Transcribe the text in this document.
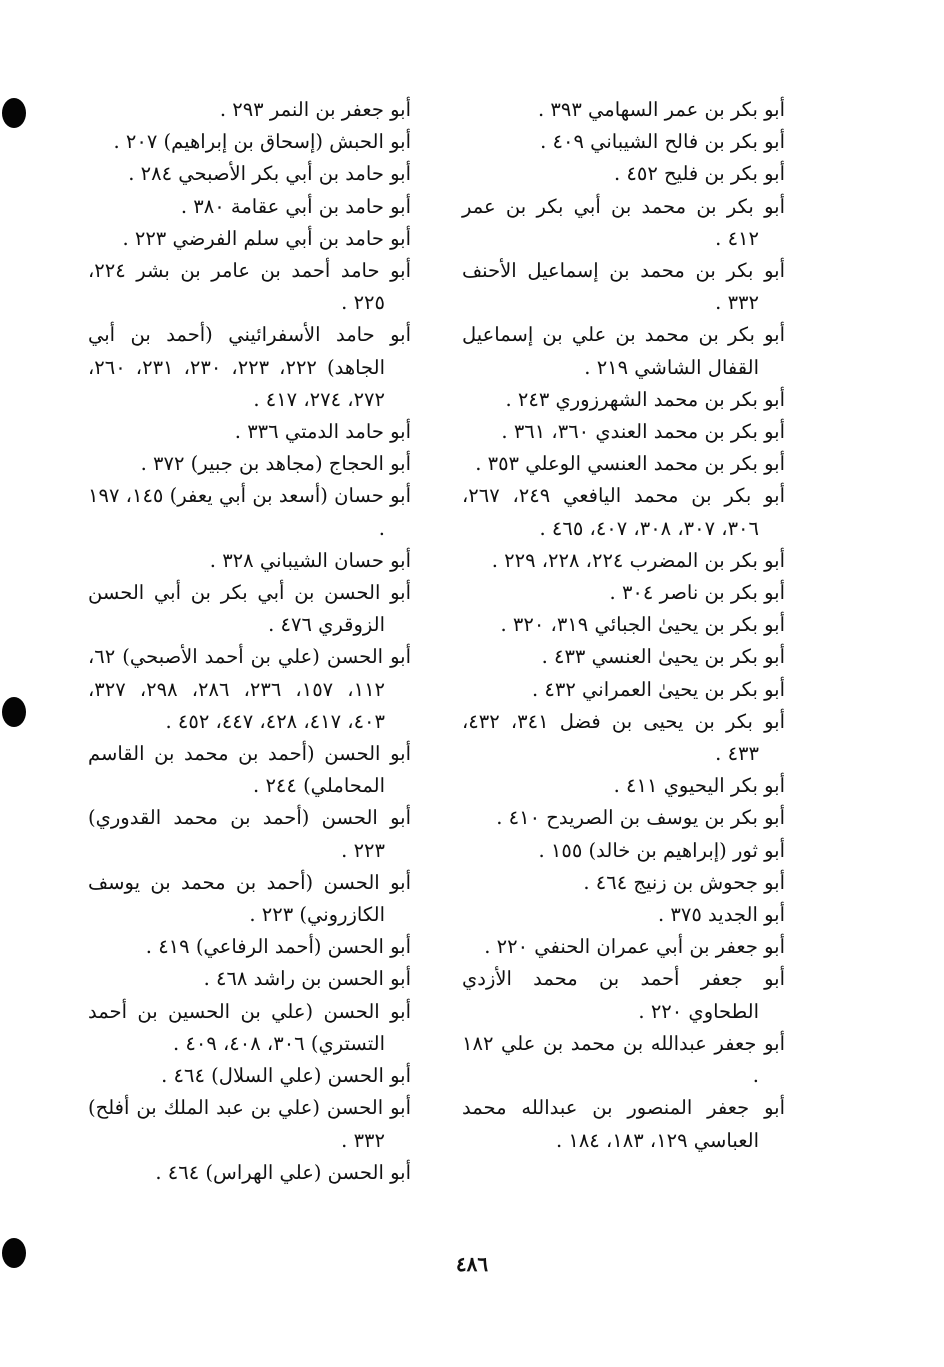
أبو بكر بن عمر السهامي ٣٩٣ .

أبو بكر بن فالح الشيباني ٤٠٩ .

أبو بكر بن فليح ٤٥٢ .

أبو بكر بن محمد بن أبي بكر بن عمر ٤١٢ .

أبو بكر بن محمد بن إسماعيل الأحنف ٣٣٢ .

أبو بكر بن محمد بن علي بن إسماعيل القفال الشاشي ٢١٩ .

أبو بكر بن محمد الشهرزوري ٢٤٣ .

أبو بكر بن محمد العندي ٣٦٠، ٣٦١ .

أبو بكر بن محمد العنسي الوعلي ٣٥٣ .

أبو بكر بن محمد اليافعي ٢٤٩، ٢٦٧، ٣٠٦، ٣٠٧، ٣٠٨، ٤٠٧، ٤٦٥ .

أبو بكر بن المضرب ٢٢٤، ٢٢٨، ٢٢٩ .

أبو بكر بن ناصر ٣٠٤ .

أبو بكر بن يحيىٰ الجبائي ٣١٩، ٣٢٠ .

أبو بكر بن يحيىٰ العنسي ٤٣٣ .

أبو بكر بن يحيىٰ العمراني ٤٣٢ .

أبو بكر بن يحيى بن فضل ٣٤١، ٤٣٢، ٤٣٣ .

أبو بكر اليحيوي ٤١١ .

أبو بكر بن يوسف بن الصريدح ٤١٠ .

أبو ثور (إبراهيم بن خالد) ١٥٥ .

أبو جحوش بن زنيج ٤٦٤ .

أبو الجديد ٣٧٥ .

أبو جعفر بن أبي عمران الحنفي ٢٢٠ .

أبو جعفر أحمد بن محمد الأزدي الطحاوي ٢٢٠ .

أبو جعفر عبدالله بن محمد بن علي ١٨٢ .

أبو جعفر المنصور بن عبدالله محمد العباسي ١٢٩، ١٨٣، ١٨٤ .

أبو جعفر بن النمر ٢٩٣ .

أبو الحبش (إسحاق بن إبراهيم) ٢٠٧ .

أبو حامد بن أبي بكر الأصبحي ٢٨٤ .

أبو حامد بن أبي عقامة ٣٨٠ .

أبو حامد بن أبي سلم الفرضي ٢٢٣ .

أبو حامد أحمد بن عامر بن بشر ٢٢٤، ٢٢٥ .

أبو حامد الأسفرائيني (أحمد بن أبي الجاهد) ٢٢٢، ٢٢٣، ٢٣٠، ٢٣١، ٢٦٠، ٢٧٢، ٢٧٤، ٤١٧ .

أبو حامد الدمتي ٣٣٦ .

أبو الحجاج (مجاهد بن جبير) ٣٧٢ .

أبو حسان (أسعد بن أبي يعفر) ١٤٥، ١٩٧ .

أبو حسان الشيباني ٣٢٨ .

أبو الحسن بن أبي بكر بن أبي الحسن الزوقري ٤٧٦ .

أبو الحسن (علي بن أحمد الأصبحي) ٦٢، ١١٢، ١٥٧، ٢٣٦، ٢٨٦، ٢٩٨، ٣٢٧، ٤٠٣، ٤١٧، ٤٢٨، ٤٤٧، ٤٥٢ .

أبو الحسن (أحمد بن محمد بن القاسم المحاملي) ٢٤٤ .

أبو الحسن (أحمد بن محمد القدوري) ٢٢٣ .

أبو الحسن (أحمد بن محمد بن يوسف الكازروني) ٢٢٣ .

أبو الحسن (أحمد الرفاعي) ٤١٩ .

أبو الحسن بن راشد ٤٦٨ .

أبو الحسن (علي بن الحسين بن أحمد التستري) ٣٠٦، ٤٠٨، ٤٠٩ .

أبو الحسن (علي السلال) ٤٦٤ .

أبو الحسن (علي بن عبد الملك بن أفلح) ٣٣٢ .

أبو الحسن (علي الهراس) ٤٦٤ .

٤٨٦
